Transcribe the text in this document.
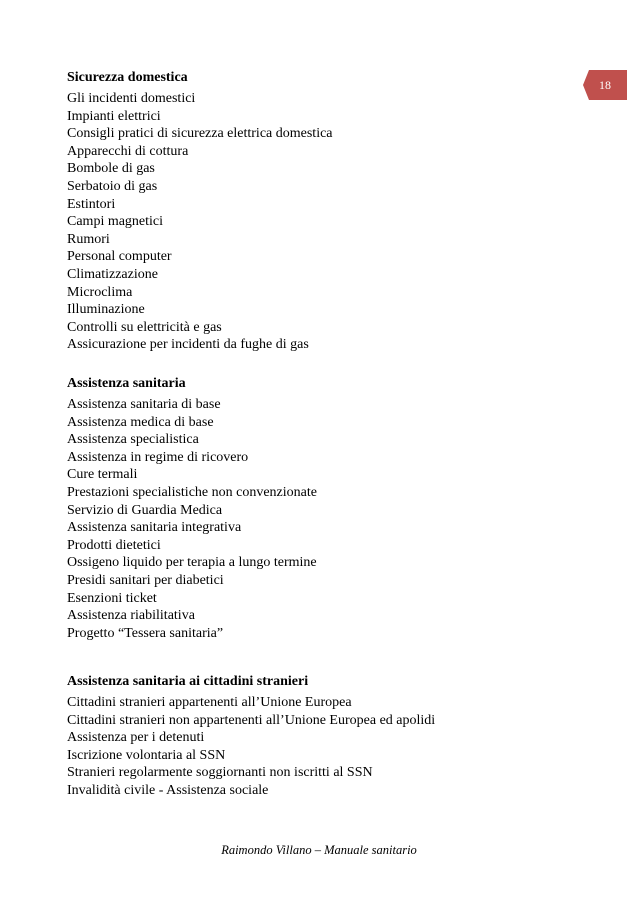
18

Sicurezza domestica

Gli incidenti domestici

Impianti elettrici

Consigli pratici di sicurezza elettrica domestica

Apparecchi di cottura

Bombole di gas

Serbatoio di gas

Estintori

Campi magnetici

Rumori

Personal computer

Climatizzazione

Microclima

Illuminazione

Controlli su elettricità e gas

Assicurazione per incidenti da fughe di gas

Assistenza sanitaria

Assistenza sanitaria di base

Assistenza medica di base

Assistenza specialistica

Assistenza in regime di ricovero

Cure termali

Prestazioni specialistiche non convenzionate

Servizio di Guardia Medica

Assistenza sanitaria integrativa

Prodotti dietetici

Ossigeno liquido per terapia a lungo termine

Presidi sanitari per diabetici

Esenzioni ticket

Assistenza riabilitativa

Progetto “Tessera sanitaria”

Assistenza sanitaria ai cittadini stranieri

Cittadini stranieri appartenenti all’Unione Europea

Cittadini stranieri non appartenenti all’Unione Europea ed apolidi

Assistenza per i detenuti

Iscrizione volontaria al SSN

Stranieri regolarmente soggiornanti non iscritti al SSN

Invalidità civile - Assistenza sociale

Raimondo Villano – Manuale sanitario
